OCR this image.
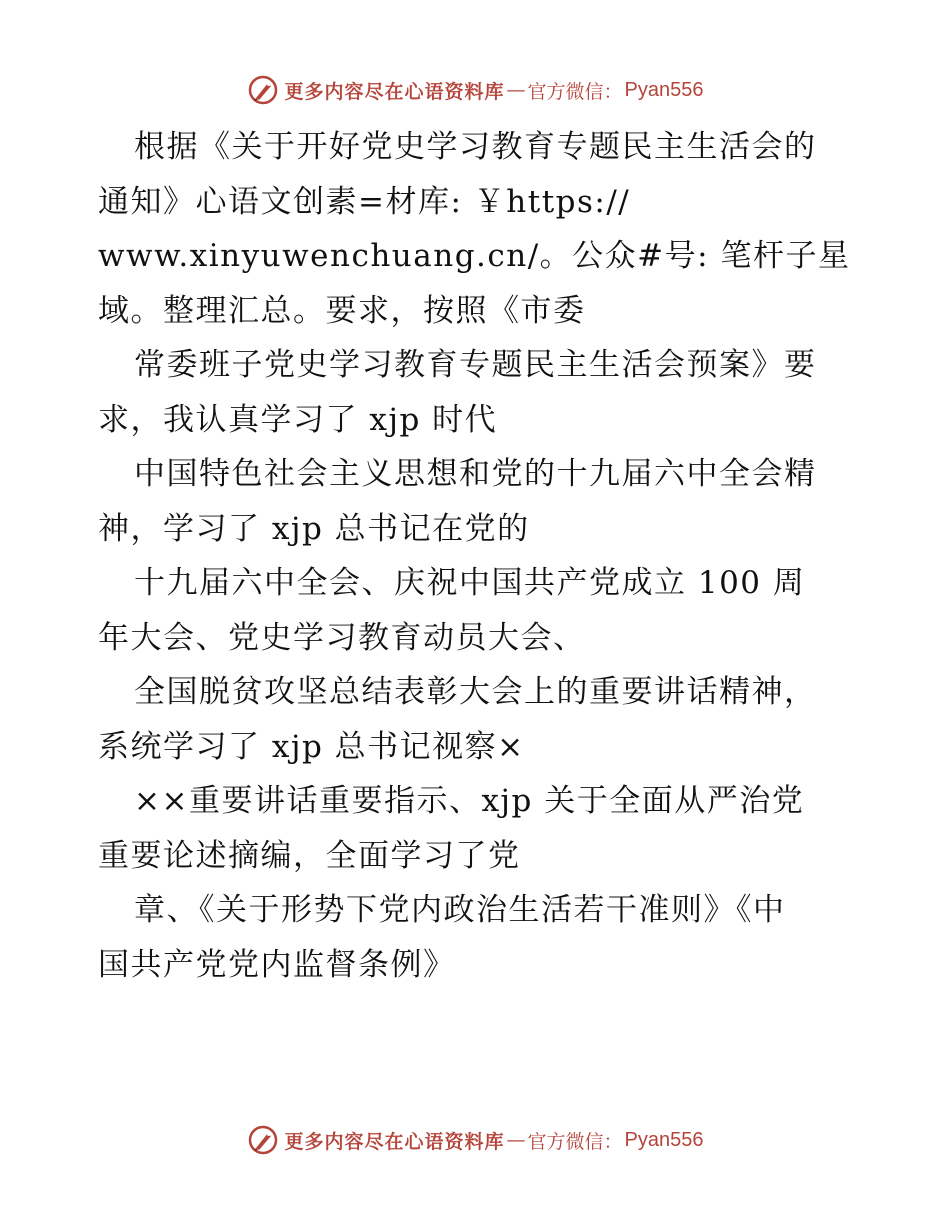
更多内容尽在心语资料库 — 官方微信： Pyan556
根据《关于开好党史学习教育专题民主生活会的
通知》心语文创素=材库: ￥https://
www.xinyuwenchuang.cn/。公众#号: 笔杆子星
域。整理汇总。要求，按照《市委
常委班子党史学习教育专题民主生活会预案》要
求，我认真学习了 xjp 时代
中国特色社会主义思想和党的十九届六中全会精
神，学习了 xjp 总书记在党的
十九届六中全会、庆祝中国共产党成立 100 周
年大会、党史学习教育动员大会、
全国脱贫攻坚总结表彰大会上的重要讲话精神，
系统学习了 xjp 总书记视察×
××重要讲话重要指示、xjp 关于全面从严治党
重要论述摘编，全面学习了党
章、《关于形势下党内政治生活若干准则》《中
国共产党党内监督条例》
更多内容尽在心语资料库 — 官方微信： Pyan556
